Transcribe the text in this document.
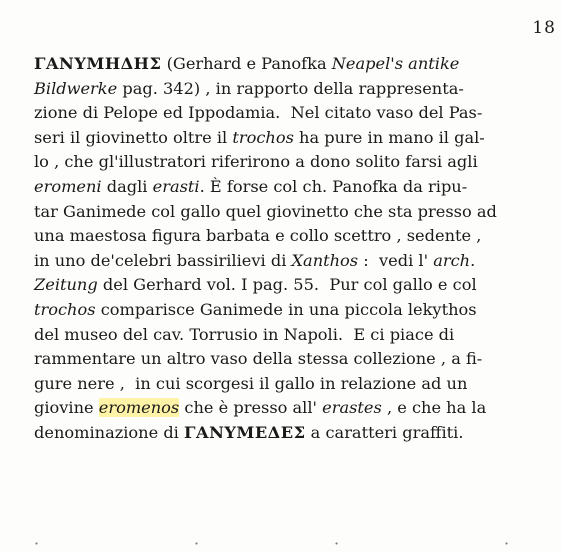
18
ΓΑΝΥΜΗΔΗΣ (Gerhard e Panofka Neapel's antike
Bildwerke pag. 342) , in rapporto della rappresenta-
zione di Pelope ed Ippodamia.  Nel citato vaso del Pas-
seri il giovinetto oltre il trochos ha pure in mano il gal-
lo , che gl'illustratori riferirono a dono solito farsi agli
eromeni dagli erasti. È forse col ch. Panofka da ripu-
tar Ganimede col gallo quel giovinetto che sta presso ad
una maestosa figura barbata e collo scettro , sedente ,
in uno de'celebri bassirilievi di Xanthos :  vedi l' arch.
Zeitung del Gerhard vol. I pag. 55.  Pur col gallo e col
trochos comparisce Ganimede in una piccola lekythos
del museo del cav. Torrusio in Napoli.  E ci piace di
rammentare un altro vaso della stessa collezione , a fi-
gure nere ,  in cui scorgesi il gallo in relazione ad un
giovine eromenos che è presso all' erastes , e che ha la
denominazione di ΓΑΝΥΜΕΔΕΣ a caratteri graffiti.
·	·	·	·
